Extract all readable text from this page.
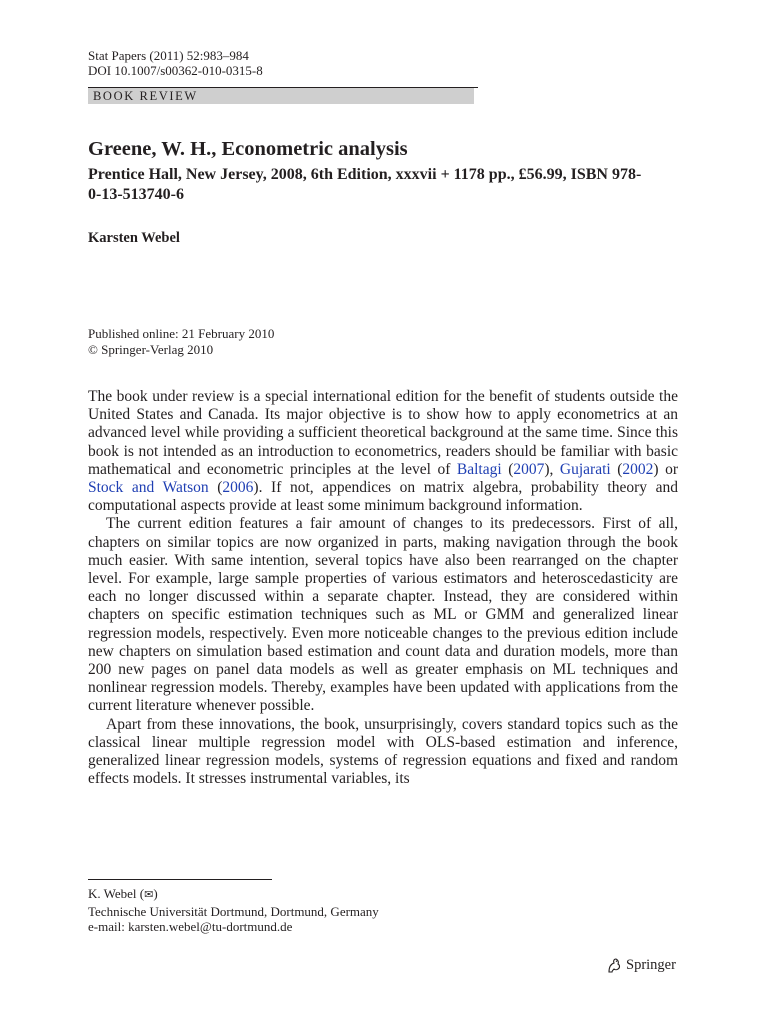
Stat Papers (2011) 52:983–984
DOI 10.1007/s00362-010-0315-8
BOOK REVIEW
Greene, W. H., Econometric analysis
Prentice Hall, New Jersey, 2008, 6th Edition, xxxvii + 1178 pp., £56.99, ISBN 978-0-13-513740-6
Karsten Webel
Published online: 21 February 2010
© Springer-Verlag 2010

The book under review is a special international edition for the benefit of students outside the United States and Canada. Its major objective is to show how to apply econometrics at an advanced level while providing a sufficient theoretical background at the same time. Since this book is not intended as an introduction to econometrics, readers should be familiar with basic mathematical and econometric principles at the level of Baltagi (2007), Gujarati (2002) or Stock and Watson (2006). If not, appendices on matrix algebra, probability theory and computational aspects provide at least some minimum background information.

The current edition features a fair amount of changes to its predecessors. First of all, chapters on similar topics are now organized in parts, making navigation through the book much easier. With same intention, several topics have also been rearranged on the chapter level. For example, large sample properties of various estimators and heteroscedasticity are each no longer discussed within a separate chapter. Instead, they are considered within chapters on specific estimation techniques such as ML or GMM and generalized linear regression models, respectively. Even more noticeable changes to the previous edition include new chapters on simulation based estimation and count data and duration models, more than 200 new pages on panel data models as well as greater emphasis on ML techniques and nonlinear regression models. Thereby, examples have been updated with applications from the current literature whenever possible.

Apart from these innovations, the book, unsurprisingly, covers standard topics such as the classical linear multiple regression model with OLS-based estimation and inference, generalized linear regression models, systems of regression equations and fixed and random effects models. It stresses instrumental variables, its

K. Webel (✉)
Technische Universität Dortmund, Dortmund, Germany
e-mail: karsten.webel@tu-dortmund.de
Springer
